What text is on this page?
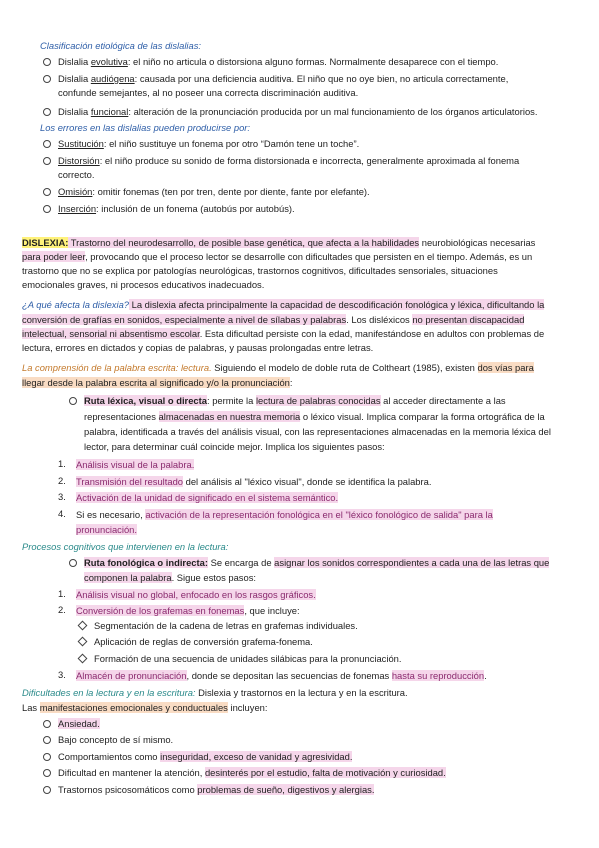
Clasificación etiológica de las dislalias:
Dislalia evolutiva: el niño no articula o distorsiona alguno formas. Normalmente desaparece con el tiempo.
Dislalia audiógena: causada por una deficiencia auditiva. El niño que no oye bien, no articula correctamente,
confunde semejantes, al no poseer una correcta discriminación auditiva.
Dislalia funcional: alteración de la pronunciación producida por un mal funcionamiento de los órganos articulatorios.
Los errores en las dislalias pueden producirse por:
Sustitución: el niño sustituye un fonema por otro “Damón tene un toche”.
Distorsión: el niño produce su sonido de forma distorsionada e incorrecta, generalmente aproximada al fonema
correcto.
Omisión: omitir fonemas (ten por tren, dente por diente, fante por elefante).
Inserción: inclusión de un fonema (autobús por autobús).
DISLEXIA: Trastorno del neurodesarrollo, de posible base genética, que afecta a la habilidades neurobiológicas necesarias
para poder leer, provocando que el proceso lector se desarrolle con dificultades que persisten en el tiempo. Además, es un
trastorno que no se explica por patologías neurológicas, trastornos cognitivos, dificultades sensoriales, situaciones
emocionales graves, ni procesos educativos inadecuados.
¿A qué afecta la dislexia? La dislexia afecta principalmente la capacidad de descodificación fonológica y léxica, dificultando la
conversión de grafías en sonidos, especialmente a nivel de sílabas y palabras. Los disléxicos no presentan discapacidad
intelectual, sensorial ni absentismo escolar. Esta dificultad persiste con la edad, manifestándose en adultos con problemas de
lectura, errores en dictados y copias de palabras, y pausas prolongadas entre letras.
La comprensión de la palabra escrita: lectura. Siguiendo el modelo de doble ruta de Coltheart (1985), existen dos vías para
llegar desde la palabra escrita al significado y/o la pronunciación:
Ruta léxica, visual o directa: permite la lectura de palabras conocidas al acceder directamente a las
representaciones almacenadas en nuestra memoria o léxico visual. Implica comparar la forma ortográfica de la
palabra, identificada a través del análisis visual, con las representaciones almacenadas en la memoria léxica del
lector, para determinar cuál coincide mejor. Implica los siguientes pasos:
1. Análisis visual de la palabra.
2. Transmisión del resultado del análisis al "léxico visual", donde se identifica la palabra.
3. Activación de la unidad de significado en el sistema semántico.
4. Si es necesario, activación de la representación fonológica en el "léxico fonológico de salida" para la
pronunciación.
Procesos cognitivos que intervienen en la lectura:
Ruta fonológica o indirecta: Se encarga de asignar los sonidos correspondientes a cada una de las letras que
componen la palabra. Sigue estos pasos:
1. Análisis visual no global, enfocado en los rasgos gráficos.
2. Conversión de los grafemas en fonemas, que incluye:
Segmentación de la cadena de letras en grafemas individuales.
Aplicación de reglas de conversión grafema-fonema.
Formación de una secuencia de unidades silábicas para la pronunciación.
3. Almacén de pronunciación, donde se depositan las secuencias de fonemas hasta su reproducción.
Dificultades en la lectura y en la escritura: Dislexia y trastornos en la lectura y en la escritura.
Las manifestaciones emocionales y conductuales incluyen:
Ansiedad.
Bajo concepto de sí mismo.
Comportamientos como inseguridad, exceso de vanidad y agresividad.
Dificultad en mantener la atención, desinterés por el estudio, falta de motivación y curiosidad.
Trastornos psicosomáticos como problemas de sueño, digestivos y alergias.
